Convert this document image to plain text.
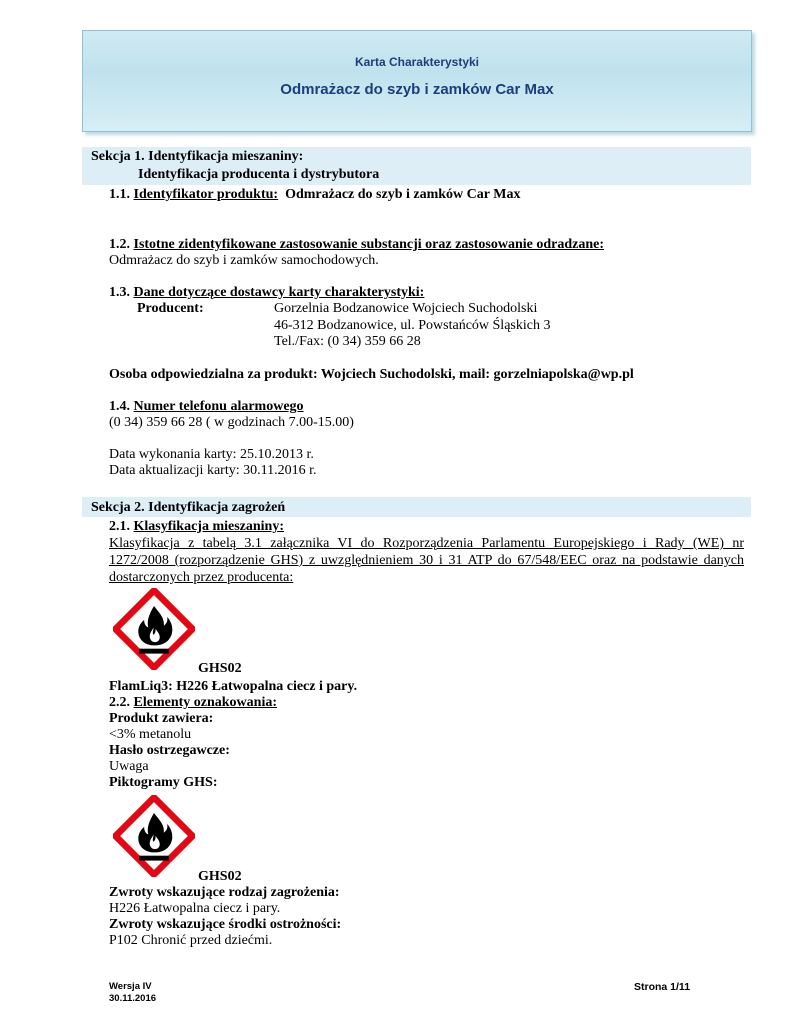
Karta Charakterystyki
Odmrażacz do szyb i zamków Car Max
Sekcja 1. Identyfikacja mieszaniny:
Identyfikacja producenta i dystrybutora
1.1. Identyfikator produktu: Odmrażacz do szyb i zamków Car Max
1.2. Istotne zidentyfikowane zastosowanie substancji oraz zastosowanie odradzane:
Odmrażacz do szyb i zamków samochodowych.
1.3. Dane dotyczące dostawcy karty charakterystyki:
Producent:	Gorzelnia Bodzanowice Wojciech Suchodolski
46-312 Bodzanowice, ul. Powstańców Śląskich 3
Tel./Fax: (0 34) 359 66 28
Osoba odpowiedzialna za produkt: Wojciech Suchodolski, mail: gorzelniapolska@wp.pl
1.4. Numer telefonu alarmowego
(0 34) 359 66 28 ( w godzinach 7.00-15.00)
Data wykonania karty: 25.10.2013 r.
Data aktualizacji karty: 30.11.2016 r.
Sekcja 2. Identyfikacja zagrożeń
2.1. Klasyfikacja mieszaniny:
Klasyfikacja z tabelą 3.1 załącznika VI do Rozporządzenia Parlamentu Europejskiego i Rady (WE) nr
1272/2008 (rozporządzenie GHS) z uwzględnieniem 30 i 31 ATP do 67/548/EEC oraz na podstawie danych
dostarczonych przez producenta:
GHS02
FlamLiq3: H226 Łatwopalna ciecz i pary.
2.2. Elementy oznakowania:
Produkt zawiera:
<3% metanolu
Hasło ostrzegawcze:
Uwaga
Piktogramy GHS:
GHS02
Zwroty wskazujące rodzaj zagrożenia:
H226 Łatwopalna ciecz i pary.
Zwroty wskazujące środki ostrożności:
P102 Chronić przed dziećmi.
Wersja IV
30.11.2016
Strona 1/11
